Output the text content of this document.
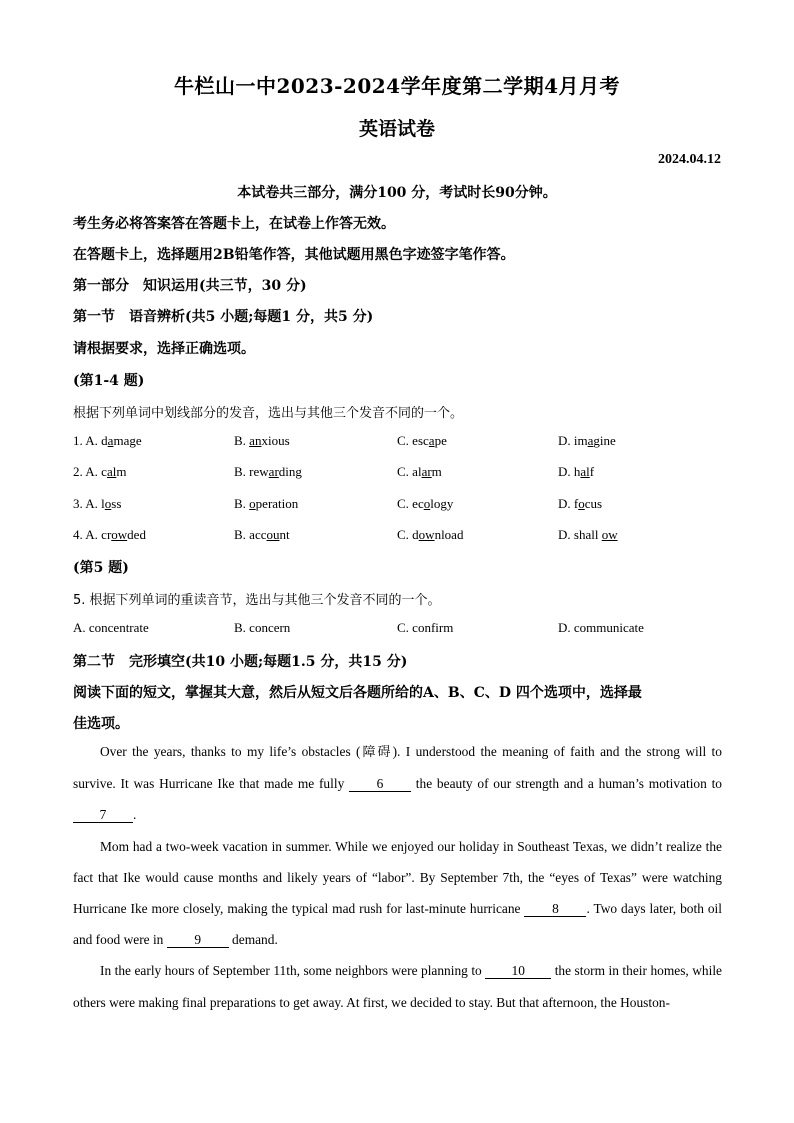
牛栏山一中2023-2024学年度第二学期4月月考
英语试卷
2024.04.12
本试卷共三部分，满分100 分，考试时长90分钟。
考生务必将答案答在答题卡上，在试卷上作答无效。
在答题卡上，选择题用2B铅笔作答，其他试题用黑色字迹签字笔作答。
第一部分　知识运用(共三节，30 分)
第一节　语音辨析(共5 小题;每题1 分，共5 分)
请根据要求，选择正确选项。
(第1-4 题)
根据下列单词中划线部分的发音，选出与其他三个发音不同的一个。
1. A. damage	B. anxious	C. escape	D. imagine
2. A. calm	B. rewarding	C. alarm	D. half
3. A. loss	B. operation	C. ecology	D. focus
4. A. crowded	B. account	C. download	D. shall ow
(第5 题)
5. 根据下列单词的重读音节，选出与其他三个发音不同的一个。
A. concentrate	B. concern	C. confirm	D. communicate
第二节　完形填空(共10 小题;每题1.5 分，共15 分)
阅读下面的短文，掌握其大意，然后从短文后各题所给的A、B、C、D 四个选项中，选择最
佳选项。

Over the years, thanks to my life’s obstacles (障碍). I understood the meaning of faith and the strong will to survive. It was Hurricane Ike that made me fully 6 the beauty of our strength and a human’s motivation to 7 .

Mom had a two-week vacation in summer. While we enjoyed our holiday in Southeast Texas, we didn’t realize the fact that Ike would cause months and likely years of “labor”. By September 7th, the “eyes of Texas” were watching Hurricane Ike more closely, making the typical mad rush for last-minute hurricane 8 . Two days later, both oil and food were in 9 demand.

In the early hours of September 11th, some neighbors were planning to 10 the storm in their homes, while others were making final preparations to get away. At first, we decided to stay. But that afternoon, the Houston-
